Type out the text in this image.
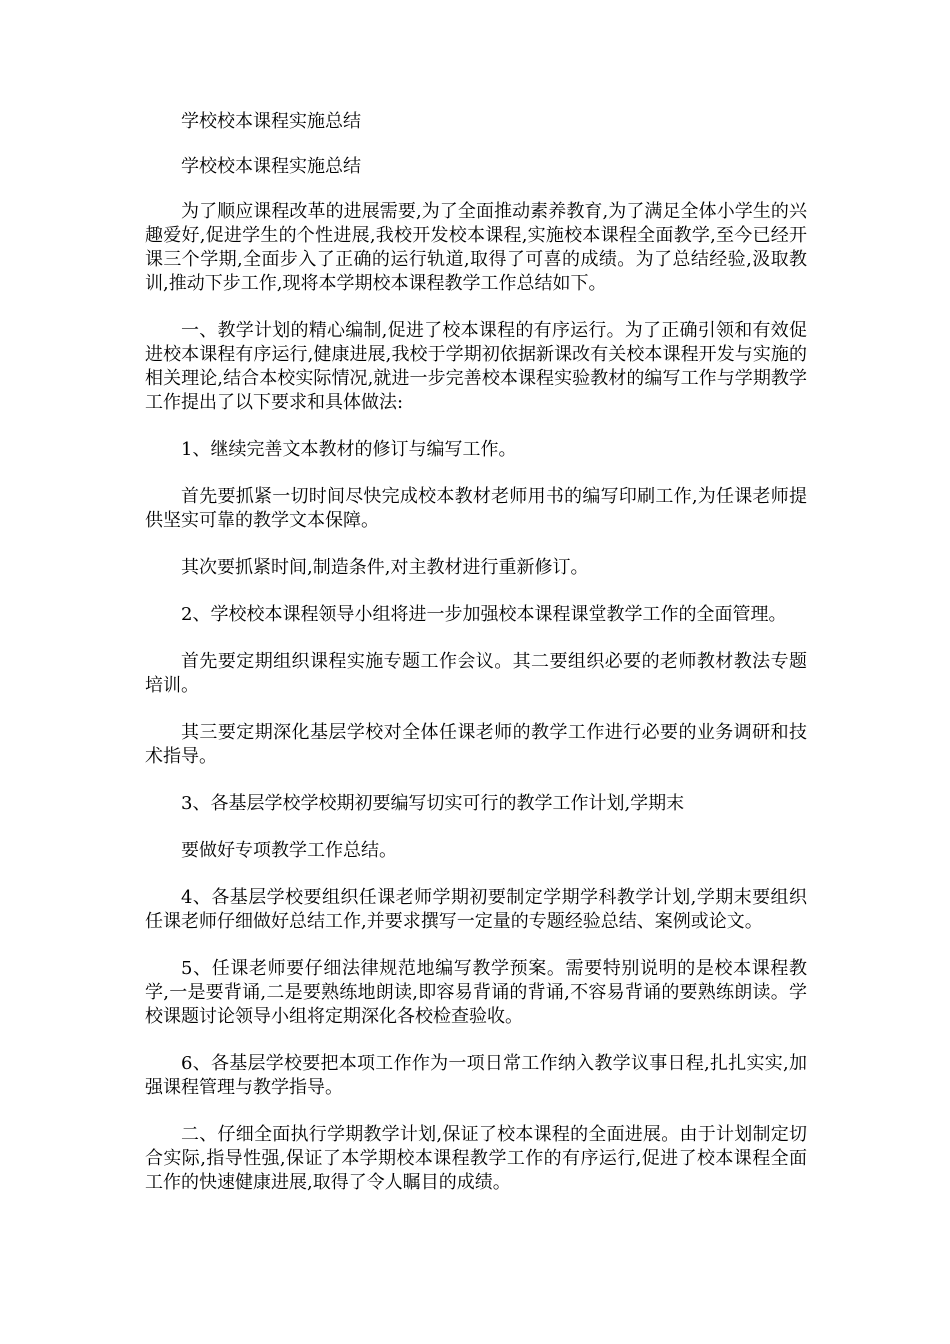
学校校本课程实施总结

学校校本课程实施总结

为了顺应课程改革的进展需要,为了全面推动素养教育,为了满足全体小学生的兴趣爱好,促进学生的个性进展,我校开发校本课程,实施校本课程全面教学,至今已经开课三个学期,全面步入了正确的运行轨道,取得了可喜的成绩。为了总结经验,汲取教训,推动下步工作,现将本学期校本课程教学工作总结如下。

一、教学计划的精心编制,促进了校本课程的有序运行。为了正确引领和有效促进校本课程有序运行,健康进展,我校于学期初依据新课改有关校本课程开发与实施的相关理论,结合本校实际情况,就进一步完善校本课程实验教材的编写工作与学期教学工作提出了以下要求和具体做法:

1、继续完善文本教材的修订与编写工作。

首先要抓紧一切时间尽快完成校本教材老师用书的编写印刷工作,为任课老师提供坚实可靠的教学文本保障。

其次要抓紧时间,制造条件,对主教材进行重新修订。

2、学校校本课程领导小组将进一步加强校本课程课堂教学工作的全面管理。

首先要定期组织课程实施专题工作会议。其二要组织必要的老师教材教法专题培训。

其三要定期深化基层学校对全体任课老师的教学工作进行必要的业务调研和技术指导。

3、各基层学校学校期初要编写切实可行的教学工作计划,学期末

要做好专项教学工作总结。

4、各基层学校要组织任课老师学期初要制定学期学科教学计划,学期末要组织任课老师仔细做好总结工作,并要求撰写一定量的专题经验总结、案例或论文。

5、任课老师要仔细法律规范地编写教学预案。需要特别说明的是校本课程教学,一是要背诵,二是要熟练地朗读,即容易背诵的背诵,不容易背诵的要熟练朗读。学校课题讨论领导小组将定期深化各校检查验收。

6、各基层学校要把本项工作作为一项日常工作纳入教学议事日程,扎扎实实,加强课程管理与教学指导。

二、仔细全面执行学期教学计划,保证了校本课程的全面进展。由于计划制定切合实际,指导性强,保证了本学期校本课程教学工作的有序运行,促进了校本课程全面工作的快速健康进展,取得了令人瞩目的成绩。
